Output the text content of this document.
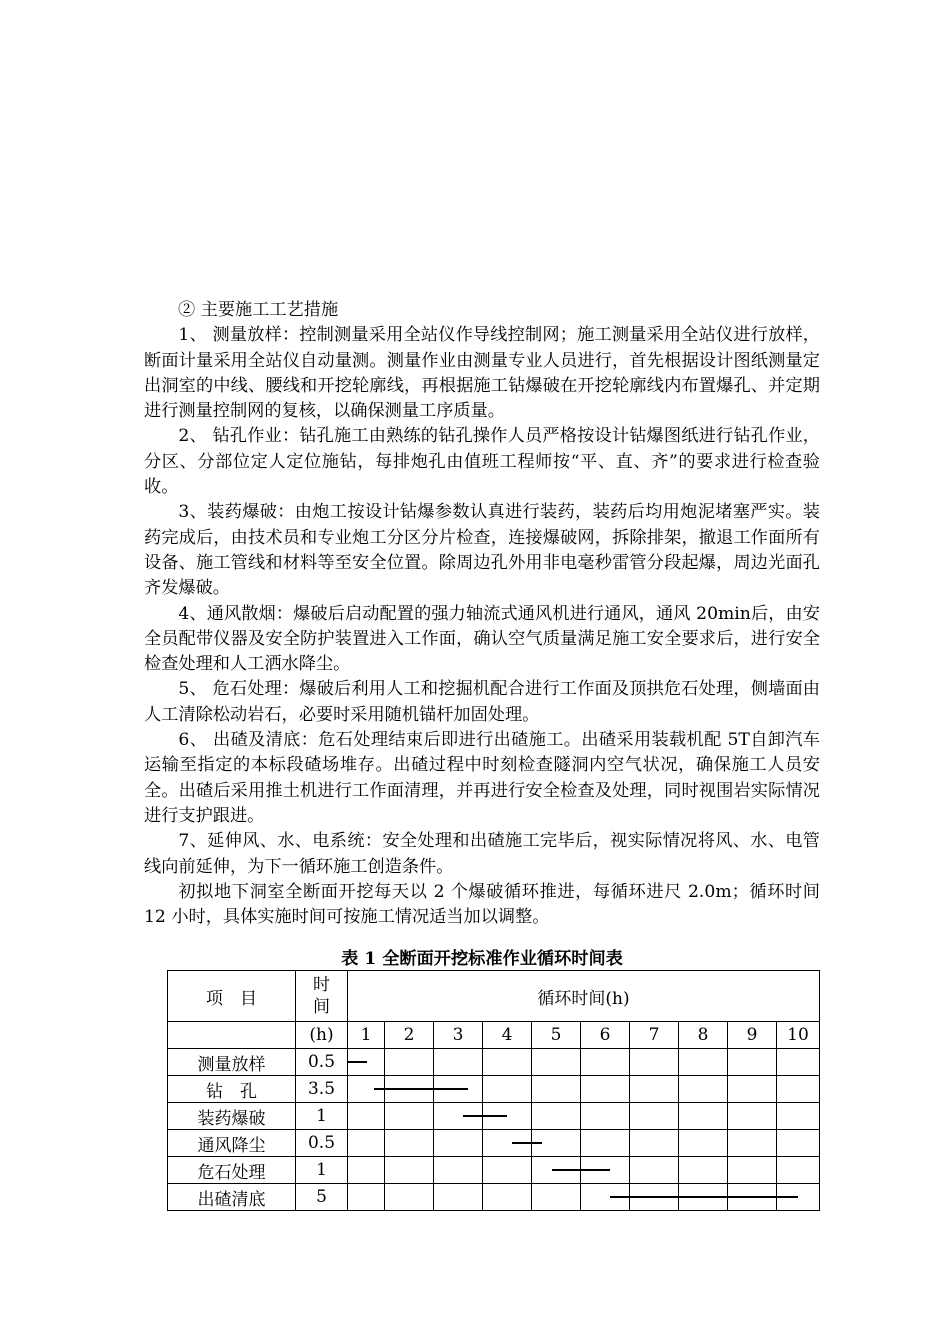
② 主要施工工艺措施

1、 测量放样：控制测量采用全站仪作导线控制网；施工测量采用全站仪进行放样，断面计量采用全站仪自动量测。测量作业由测量专业人员进行，首先根据设计图纸测量定出洞室的中线、腰线和开挖轮廓线，再根据施工钻爆破在开挖轮廓线内布置爆孔、并定期进行测量控制网的复核，以确保测量工序质量。

2、 钻孔作业：钻孔施工由熟练的钻孔操作人员严格按设计钻爆图纸进行钻孔作业，分区、分部位定人定位施钻，每排炮孔由值班工程师按“平、直、齐”的要求进行检查验收。

3、装药爆破：由炮工按设计钻爆参数认真进行装药，装药后均用炮泥堵塞严实。装药完成后，由技术员和专业炮工分区分片检查，连接爆破网，拆除排架，撤退工作面所有设备、施工管线和材料等至安全位置。除周边孔外用非电毫秒雷管分段起爆，周边光面孔齐发爆破。

4、通风散烟：爆破后启动配置的强力轴流式通风机进行通风，通风 20min后，由安全员配带仪器及安全防护装置进入工作面，确认空气质量满足施工安全要求后，进行安全检查处理和人工洒水降尘。

5、 危石处理：爆破后利用人工和挖掘机配合进行工作面及顶拱危石处理，侧墙面由人工清除松动岩石，必要时采用随机锚杆加固处理。

6、 出碴及清底：危石处理结束后即进行出碴施工。出碴采用装载机配 5T自卸汽车运输至指定的本标段碴场堆存。出碴过程中时刻检查隧洞内空气状况，确保施工人员安全。出碴后采用推土机进行工作面清理，并再进行安全检查及处理，同时视围岩实际情况进行支护跟进。

7、延伸风、水、电系统：安全处理和出碴施工完毕后，视实际情况将风、水、电管线向前延伸，为下一循环施工创造条件。

初拟地下洞室全断面开挖每天以 2 个爆破循环推进，每循环进尺 2.0m；循环时间 12 小时，具体实施时间可按施工情况适当加以调整。

表 1 全断面开挖标准作业循环时间表
项　目	时间	循环时间(h)									
	(h)	1	2	3	4	5	6	7	8	9	10
测量放样	0.5	

钻　孔	3.5	

装药爆破	1	

通风降尘	0.5	

危石处理	1	

出碴清底	5	
